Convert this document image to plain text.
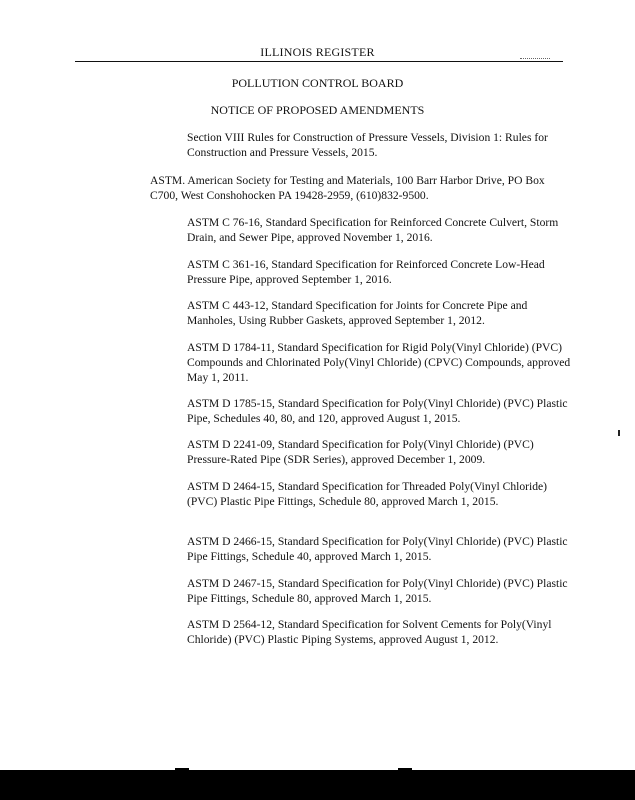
ILLINOIS REGISTER
POLLUTION CONTROL BOARD
NOTICE OF PROPOSED AMENDMENTS

Section VIII Rules for Construction of Pressure Vessels, Division 1: Rules for Construction and Pressure Vessels, 2015.

ASTM. American Society for Testing and Materials, 100 Barr Harbor Drive, PO Box C700, West Conshohocken PA 19428-2959, (610)832-9500.

ASTM C 76-16, Standard Specification for Reinforced Concrete Culvert, Storm Drain, and Sewer Pipe, approved November 1, 2016.

ASTM C 361-16, Standard Specification for Reinforced Concrete Low-Head Pressure Pipe, approved September 1, 2016.

ASTM C 443-12, Standard Specification for Joints for Concrete Pipe and Manholes, Using Rubber Gaskets, approved September 1, 2012.

ASTM D 1784-11, Standard Specification for Rigid Poly(Vinyl Chloride) (PVC) Compounds and Chlorinated Poly(Vinyl Chloride) (CPVC) Compounds, approved May 1, 2011.

ASTM D 1785-15, Standard Specification for Poly(Vinyl Chloride) (PVC) Plastic Pipe, Schedules 40, 80, and 120, approved August 1, 2015.

ASTM D 2241-09, Standard Specification for Poly(Vinyl Chloride) (PVC) Pressure-Rated Pipe (SDR Series), approved December 1, 2009.

ASTM D 2464-15, Standard Specification for Threaded Poly(Vinyl Chloride) (PVC) Plastic Pipe Fittings, Schedule 80, approved March 1, 2015.

ASTM D 2466-15, Standard Specification for Poly(Vinyl Chloride) (PVC) Plastic Pipe Fittings, Schedule 40, approved March 1, 2015.

ASTM D 2467-15, Standard Specification for Poly(Vinyl Chloride) (PVC) Plastic Pipe Fittings, Schedule 80, approved March 1, 2015.

ASTM D 2564-12, Standard Specification for Solvent Cements for Poly(Vinyl Chloride) (PVC) Plastic Piping Systems, approved August 1, 2012.
